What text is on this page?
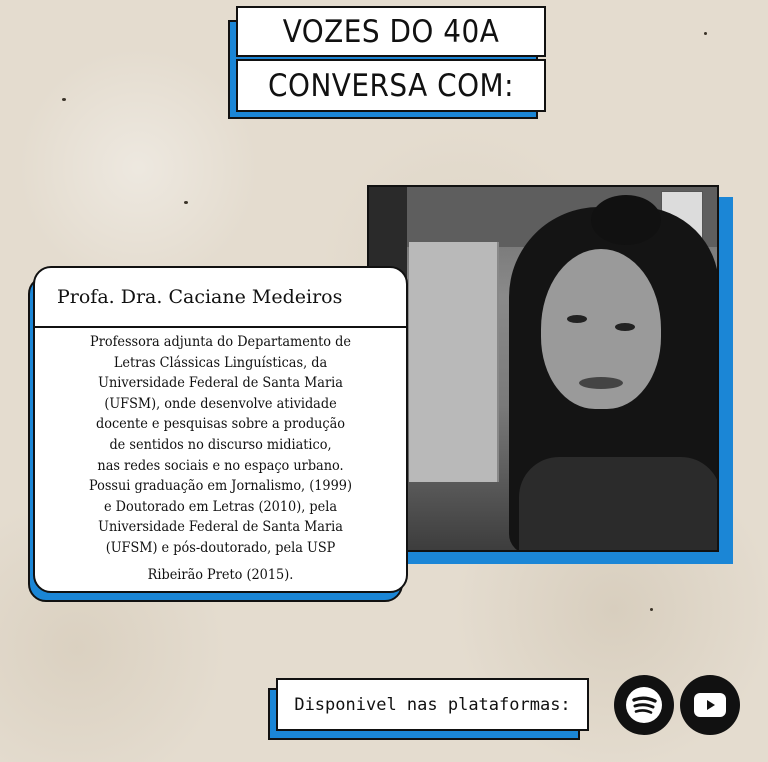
VOZES DO 40A
CONVERSA COM:
Profa. Dra. Caciane Medeiros
Professora adjunta do Departamento de
Letras Clássicas Linguísticas, da
Universidade Federal de Santa Maria
(UFSM), onde desenvolve atividade
docente e pesquisas sobre a produção
de sentidos no discurso midiatico,
nas redes sociais e no espaço urbano.
Possui graduação em Jornalismo, (1999)
e Doutorado em Letras (2010), pela
Universidade Federal de Santa Maria
(UFSM) e pós-doutorado, pela USP
Ribeirão Preto (2015).
Disponivel nas plataformas:
